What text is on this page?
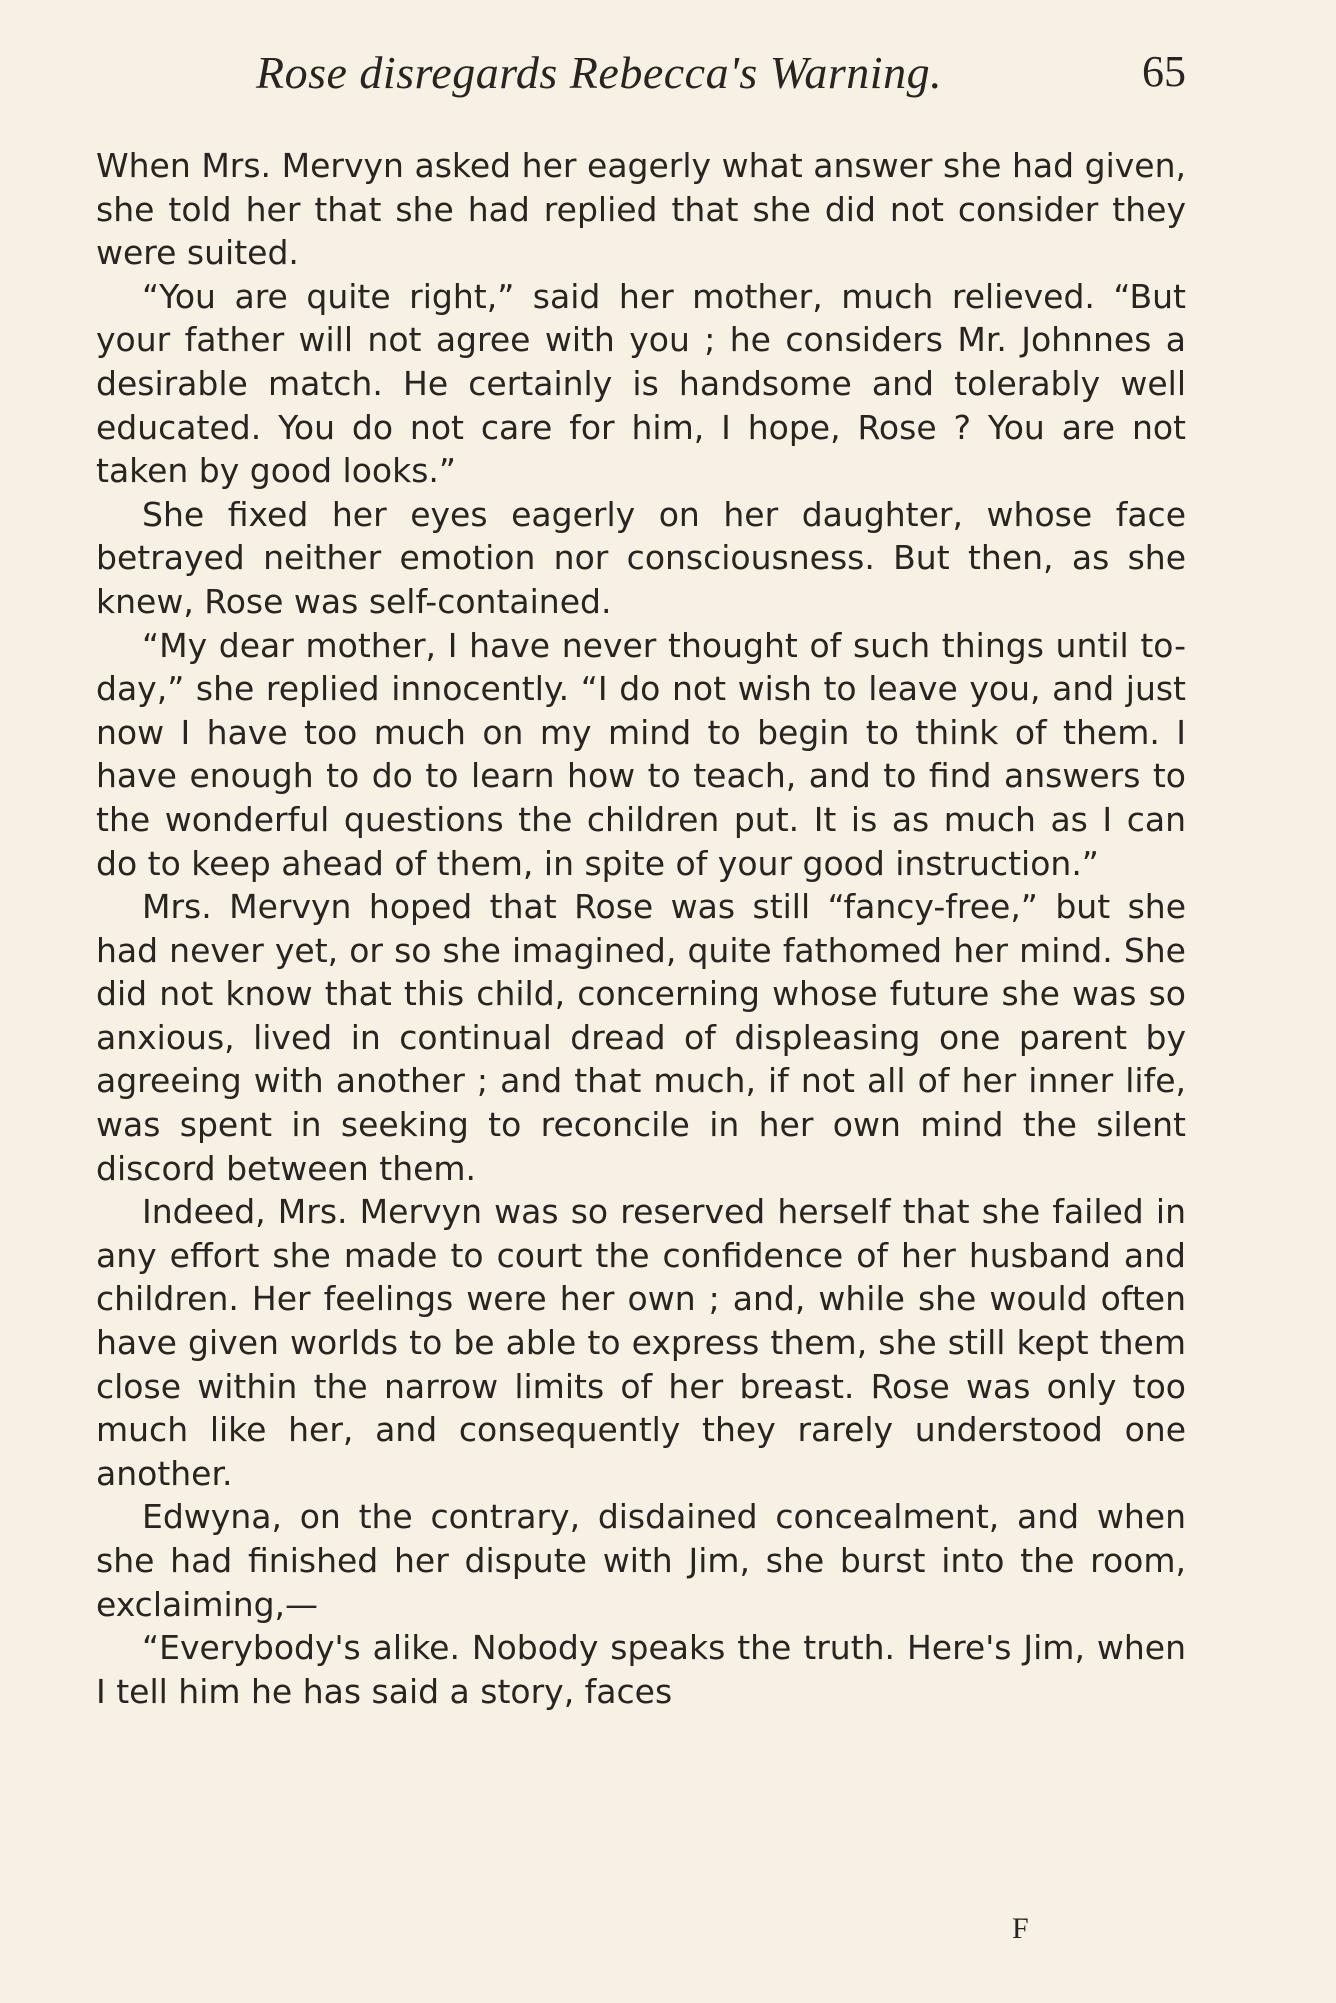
Rose disregards Rebecca's Warning.	65

When Mrs. Mervyn asked her eagerly what answer she had given, she told her that she had replied that she did not consider they were suited.

“You are quite right,” said her mother, much relieved. “But your father will not agree with you ; he considers Mr. Johnnes a desirable match. He certainly is handsome and tolerably well educated. You do not care for him, I hope, Rose ? You are not taken by good looks.”

She fixed her eyes eagerly on her daughter, whose face betrayed neither emotion nor consciousness. But then, as she knew, Rose was self-contained.

“My dear mother, I have never thought of such things until to-day,” she replied innocently. “I do not wish to leave you, and just now I have too much on my mind to begin to think of them. I have enough to do to learn how to teach, and to find answers to the wonderful questions the children put. It is as much as I can do to keep ahead of them, in spite of your good instruction.”

Mrs. Mervyn hoped that Rose was still “fancy-free,” but she had never yet, or so she imagined, quite fathomed her mind. She did not know that this child, concerning whose future she was so anxious, lived in continual dread of displeasing one parent by agreeing with another ; and that much, if not all of her inner life, was spent in seeking to reconcile in her own mind the silent discord between them.

Indeed, Mrs. Mervyn was so reserved herself that she failed in any effort she made to court the confidence of her husband and children. Her feelings were her own ; and, while she would often have given worlds to be able to express them, she still kept them close within the narrow limits of her breast. Rose was only too much like her, and consequently they rarely understood one another.

Edwyna, on the contrary, disdained concealment, and when she had finished her dispute with Jim, she burst into the room, exclaiming,—

“Everybody's alike. Nobody speaks the truth. Here's Jim, when I tell him he has said a story, faces

F
